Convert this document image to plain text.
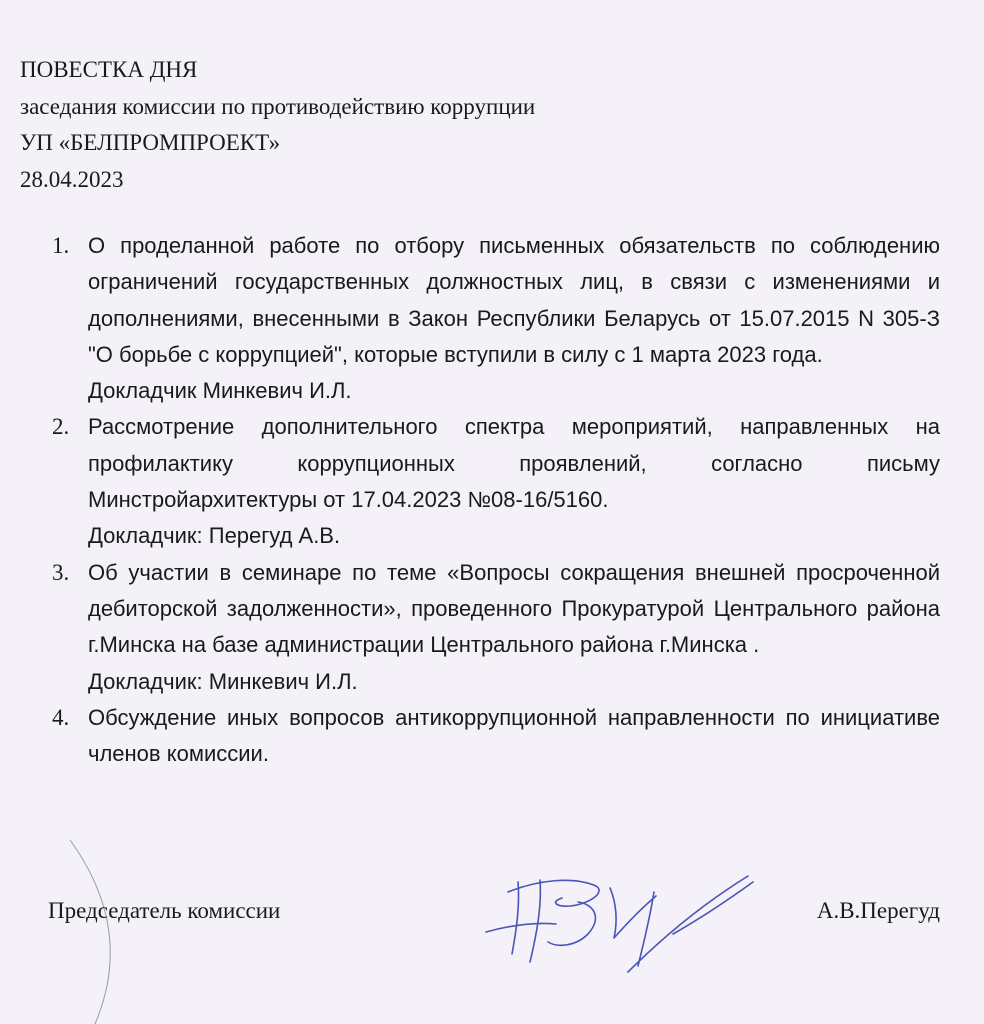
ПОВЕСТКА ДНЯ
заседания комиссии по противодействию коррупции
УП «БЕЛПРОМПРОЕКТ»
28.04.2023
1. О проделанной работе по отбору письменных обязательств по соблюдению ограничений государственных должностных лиц, в связи с изменениями и дополнениями, внесенными в Закон Республики Беларусь от 15.07.2015 N 305-З "О борьбе с коррупцией", которые вступили в силу с 1 марта 2023 года.
Докладчик Минкевич И.Л.
2. Рассмотрение дополнительного спектра мероприятий, направленных на профилактику коррупционных проявлений, согласно письму Минстройархитектуры от 17.04.2023 №08-16/5160.
Докладчик: Перегуд А.В.
3. Об участии в семинаре по теме «Вопросы сокращения внешней просроченной дебиторской задолженности», проведенного Прокуратурой Центрального района г.Минска на базе администрации Центрального района г.Минска .
Докладчик: Минкевич И.Л.
4. Обсуждение иных вопросов антикоррупционной направленности по инициативе членов комиссии.
Председатель комиссии	А.В.Перегуд
